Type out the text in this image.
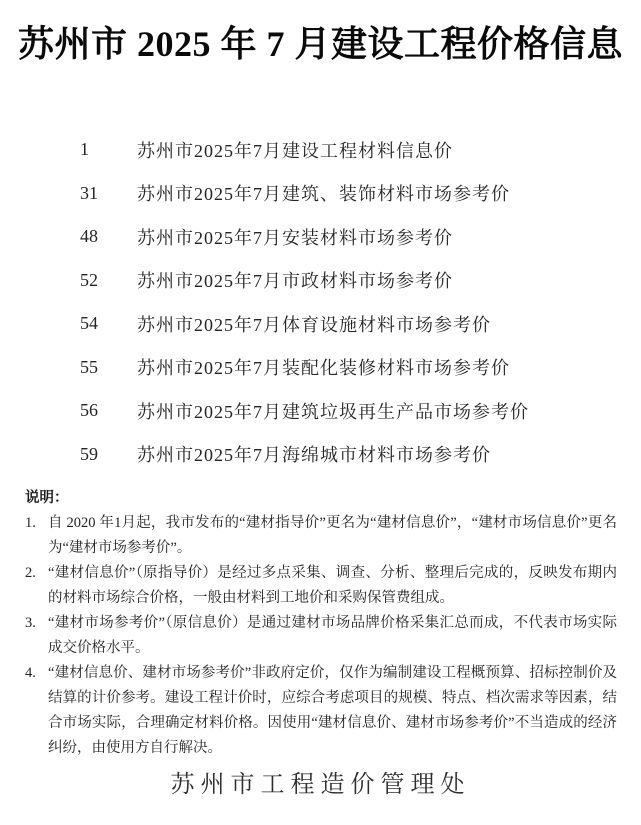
苏州市 2025 年 7 月建设工程价格信息
1	苏州市2025年7月建设工程材料信息价
31	苏州市2025年7月建筑、装饰材料市场参考价
48	苏州市2025年7月安装材料市场参考价
52	苏州市2025年7月市政材料市场参考价
54	苏州市2025年7月体育设施材料市场参考价
55	苏州市2025年7月装配化装修材料市场参考价
56	苏州市2025年7月建筑垃圾再生产品市场参考价
59	苏州市2025年7月海绵城市材料市场参考价
说明：
1. 自 2020 年1月起，我市发布的“建材指导价”更名为“建材信息价”，“建材市场信息价”更名为“建材市场参考价”。
2. “建材信息价”（原指导价）是经过多点采集、调查、分析、整理后完成的，反映发布期内的材料市场综合价格，一般由材料到工地价和采购保管费组成。
3. “建材市场参考价”（原信息价）是通过建材市场品牌价格采集汇总而成，不代表市场实际成交价格水平。
4. “建材信息价、建材市场参考价”非政府定价，仅作为编制建设工程概预算、招标控制价及结算的计价参考。建设工程计价时，应综合考虑项目的规模、特点、档次需求等因素，结合市场实际，合理确定材料价格。因使用“建材信息价、建材市场参考价”不当造成的经济纠纷，由使用方自行解决。
苏州市工程造价管理处
